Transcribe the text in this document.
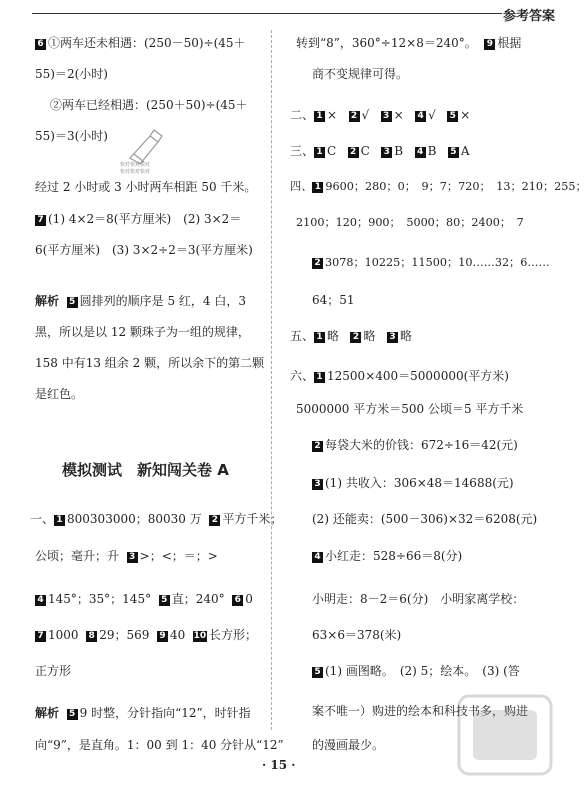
参考答案
6 ①两车还未相遇：(250－50)÷(45＋
55)＝2(小时)
②两车已经相遇：(250＋50)÷(45＋
55)＝3(小时)
快对快对快对
快对快对快对
经过 2 小时或 3 小时两车相距 50 千米。
7 (1) 4×2＝8(平方厘米)　(2) 3×2＝
6(平方厘米)　(3) 3×2÷2＝3(平方厘米)
解析 5 圆排列的顺序是 5 红，4 白，3
黑，所以是以 12 颗珠子为一组的规律，
158 中有13 组余 2 颗，所以余下的第二颗
是红色。
模拟测试　新知闯关卷 A
一、 1 800303000；80030 万 2 平方千米；
公顷；毫升；升 3 >；<；＝；>
4 145°；35°；145° 5 直；240° 6 0
7 1000 8 29；569 9 40 10 长方形；
正方形
解析 5 9 时整，分针指向“12”，时针指
向“9”，是直角。1：00 到 1：40 分针从“12”
转到“8”，360°÷12×8＝240°。 9 根据
商不变规律可得。
二、 1 × 2 √ 3 × 4 √ 5 ×
三、 1 C 2 C 3 B 4 B 5 A
四、 1 9600；280；0；　9；7；720；　13；210；255；
2100；120；900；　5000；80；2400；　7
2 3078；10225；11500；10……32；6……
64；51
五、 1 略 2 略 3 略
六、 1 12500×400＝5000000(平方米)
5000000 平方米＝500 公顷＝5 平方千米
2 每袋大米的价钱：672÷16＝42(元)
3 (1) 共收入：306×48＝14688(元)
(2) 还能卖：(500－306)×32＝6208(元)
4 小红走：528÷66＝8(分)
小明走：8－2＝6(分)　小明家离学校：
63×6＝378(米)
5 (1) 画图略。　(2) 5；绘本。　(3) (答
案不唯一）购进的绘本和科技书多，购进
的漫画最少。
· 15 ·
